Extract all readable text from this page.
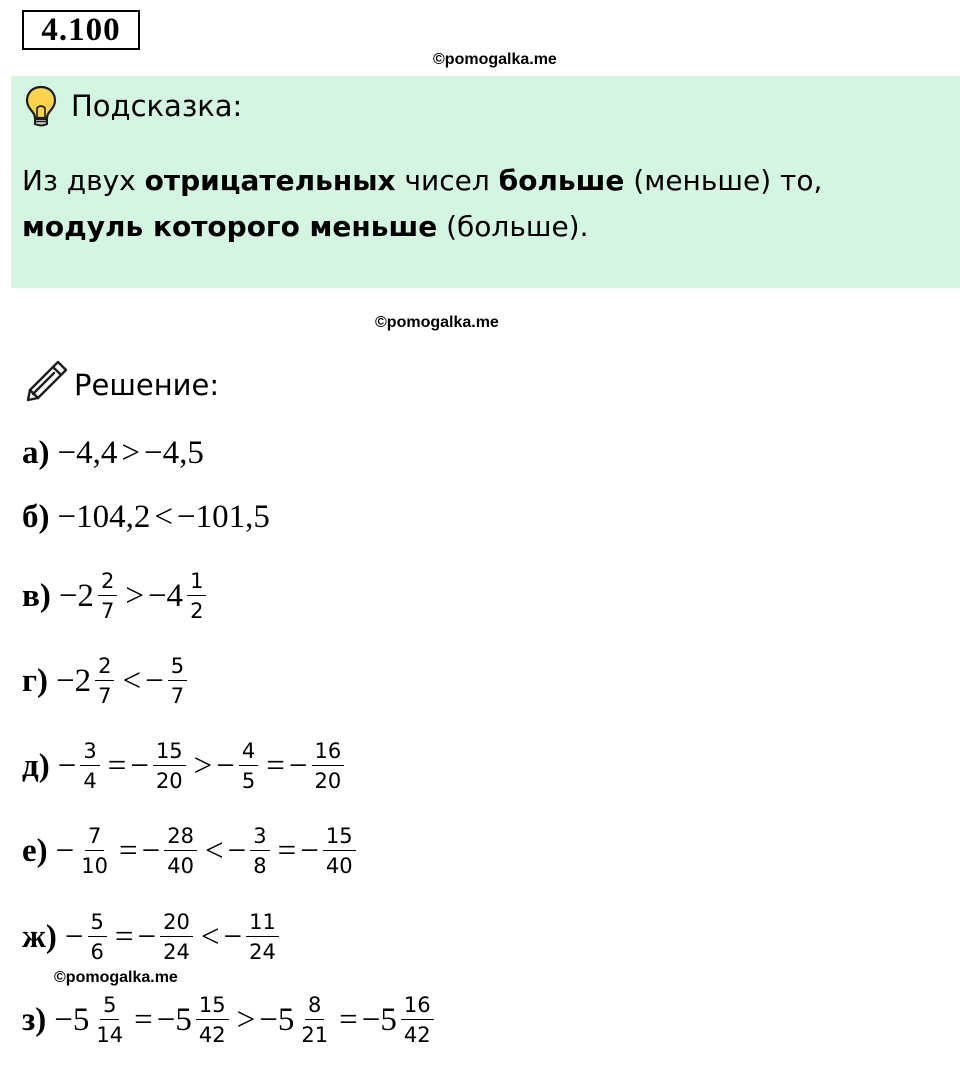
4.100
©pomogalka.me
Подсказка:
Из двух отрицательных чисел больше (меньше) то, модуль которого меньше (больше).
©pomogalka.me
Решение:
а) −4,4 > −4,5
б) −104,2 < −101,5
$в) -2 \frac{2}{7} > -4 \frac{1}{2}$
$г) -2 \frac{2}{7}$ < − $\frac{5}{7}$
$д) - \frac{3}{4}$ = − $\frac{15}{20}$ > − $\frac{4}{5}$ = − $\frac{16}{20}$
$е) - \frac{7}{10}$ = − $\frac{28}{40}$ < − $\frac{3}{8}$ = − $\frac{15}{40}$
$ж) - \frac{5}{6}$ = − $\frac{20}{24}$ < − $\frac{11}{24}$
$з) -5 \frac{5}{14} = -5 \frac{15}{42} > -5 \frac{8}{21} = -5 \frac{16}{42}$
©pomogalka.me
